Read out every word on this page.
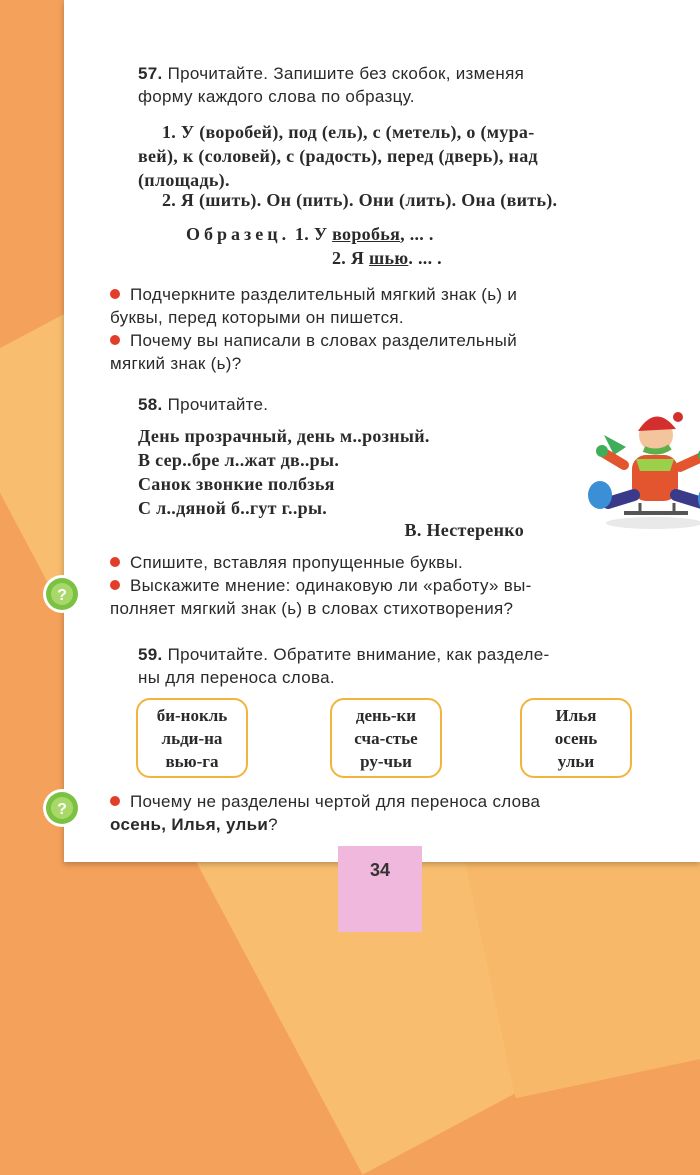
57. Прочитайте. Запишите без скобок, изменяя
форму каждого слова по образцу.
1. У (воробей), под (ель), с (метель), о (мура-
вей), к (соловей), с (радость), перед (дверь), над
(площадь).
2. Я (шить). Он (пить). Они (лить). Она (вить).
Образец. 1. У воробья, ... .
2. Я шью. ... .
Подчеркните разделительный мягкий знак (ь) и
буквы, перед которыми он пишется.
Почему вы написали в словах разделительный
мягкий знак (ь)?
58. Прочитайте.
День прозрачный, день м..розный.
В сер..бре л..жат дв..ры.
Санок звонкие полбзья
С л..дяной б..гут г..ры.
В. Нестеренко
Спишите, вставляя пропущенные буквы.
Выскажите мнение: одинаковую ли «работу» вы-
полняет мягкий знак (ь) в словах стихотворения?
59. Прочитайте. Обратите внимание, как разделе-
ны для переноса слова.
би-нокль
льди-на
вью-га
день-ки
сча-стье
ру-чьи
Илья
осень
ульи
Почему не разделены чертой для переноса слова
осень, Илья, ульи?
?
?
34
